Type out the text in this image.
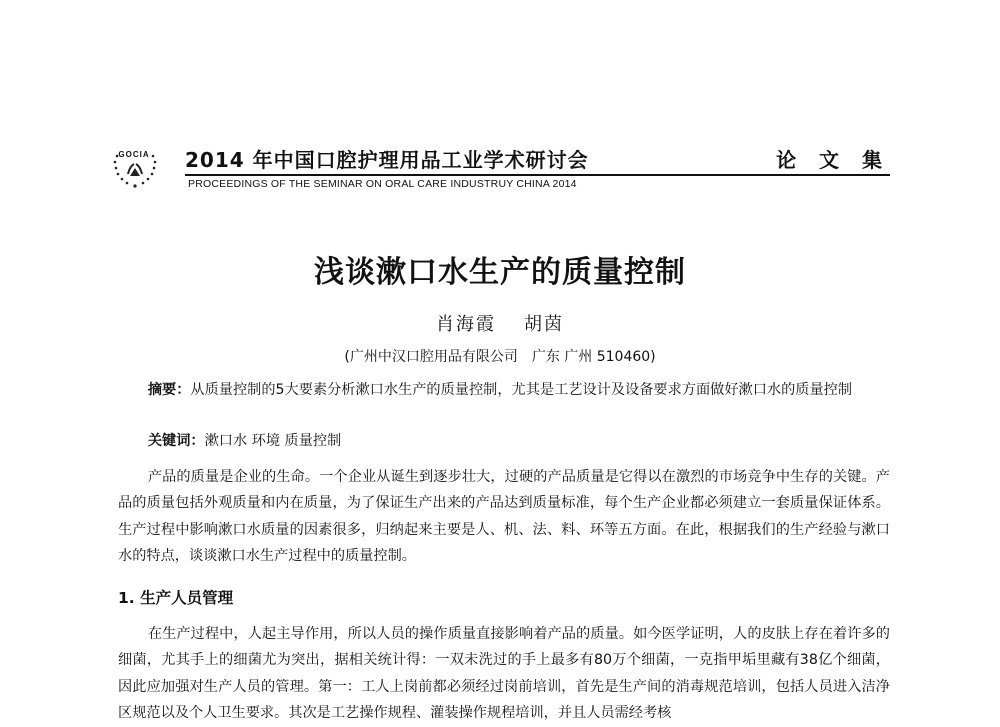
GOCIA 2014 年中国口腔护理用品工业学术研讨会	论 文 集
PROCEEDINGS OF THE SEMINAR ON ORAL CARE INDUSTRUY CHINA 2014
浅谈漱口水生产的质量控制
肖海霞 胡茵
(广州中汉口腔用品有限公司　广东 广州 510460)

摘要：从质量控制的5大要素分析漱口水生产的质量控制，尤其是工艺设计及设备要求方面做好漱口水的质量控制

关键词：漱口水 环境 质量控制

产品的质量是企业的生命。一个企业从诞生到逐步壮大，过硬的产品质量是它得以在激烈的市场竞争中生存的关键。产品的质量包括外观质量和内在质量，为了保证生产出来的产品达到质量标准，每个生产企业都必须建立一套质量保证体系。生产过程中影响漱口水质量的因素很多，归纳起来主要是人、机、法、料、环等五方面。在此，根据我们的生产经验与漱口水的特点，谈谈漱口水生产过程中的质量控制。

1. 生产人员管理

在生产过程中，人起主导作用，所以人员的操作质量直接影响着产品的质量。如今医学证明，人的皮肤上存在着许多的细菌，尤其手上的细菌尤为突出，据相关统计得：一双未洗过的手上最多有80万个细菌，一克指甲垢里藏有38亿个细菌，因此应加强对生产人员的管理。第一：工人上岗前都必须经过岗前培训，首先是生产间的消毒规范培训，包括人员进入洁净区规范以及个人卫生要求。其次是工艺操作规程、灌装操作规程培训，并且人员需经考核
